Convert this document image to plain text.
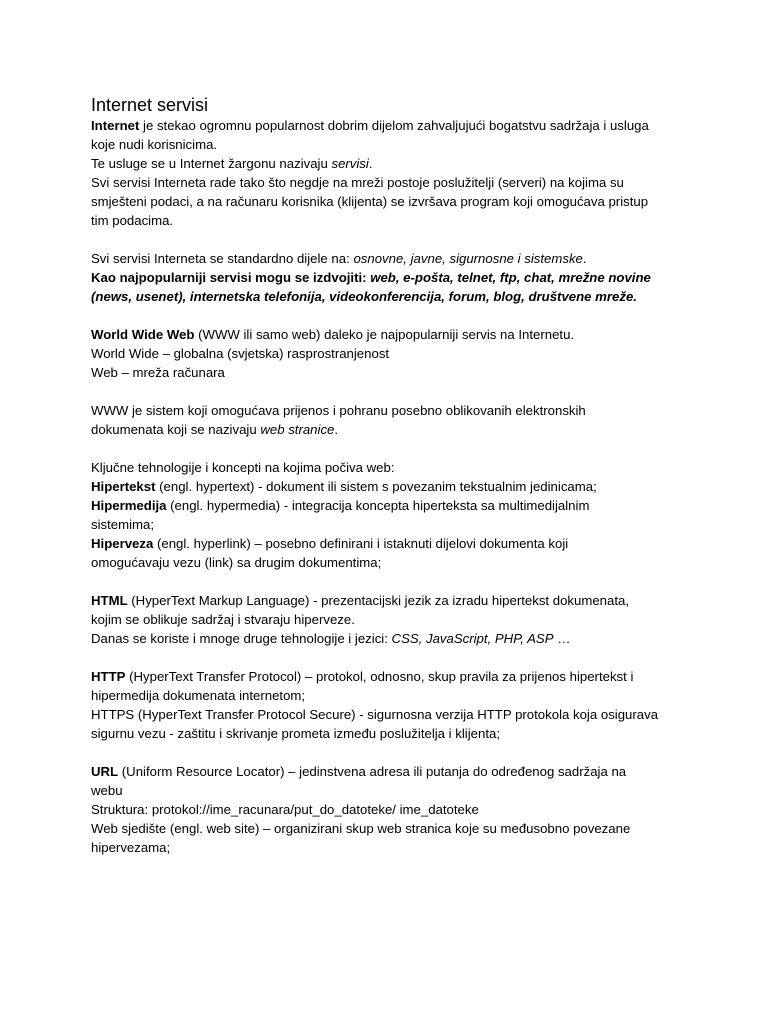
Internet servisi
Internet je stekao ogromnu popularnost dobrim dijelom zahvaljujući bogatstvu sadržaja i usluga
koje nudi korisnicima.
Te usluge se u Internet žargonu nazivaju servisi.
Svi servisi Interneta rade tako što negdje na mreži postoje poslužitelji (serveri) na kojima su
smješteni podaci, a na računaru korisnika (klijenta) se izvršava program koji omogućava pristup
tim podacima.
Svi servisi Interneta se standardno dijele na: osnovne, javne, sigurnosne i sistemske.
Kao najpopularniji servisi mogu se izdvojiti: web, e-pošta, telnet, ftp, chat, mrežne novine
(news, usenet), internetska telefonija, videokonferencija, forum, blog, društvene mreže.
World Wide Web (WWW ili samo web) daleko je najpopularniji servis na Internetu.
World Wide – globalna (svjetska) rasprostranjenost
Web – mreža računara
WWW je sistem koji omogućava prijenos i pohranu posebno oblikovanih elektronskih
dokumenata koji se nazivaju web stranice.
Ključne tehnologije i koncepti na kojima počiva web:
Hipertekst (engl. hypertext) - dokument ili sistem s povezanim tekstualnim jedinicama;
Hipermedija (engl. hypermedia) - integracija koncepta hiperteksta sa multimedijalnim
sistemima;
Hiperveza (engl. hyperlink) – posebno definirani i istaknuti dijelovi dokumenta koji
omogućavaju vezu (link) sa drugim dokumentima;
HTML (HyperText Markup Language) - prezentacijski jezik za izradu hipertekst dokumenata,
kojim se oblikuje sadržaj i stvaraju hiperveze.
Danas se koriste i mnoge druge tehnologije i jezici: CSS, JavaScript, PHP, ASP …
HTTP (HyperText Transfer Protocol) – protokol, odnosno, skup pravila za prijenos hipertekst i
hipermedija dokumenata internetom;
HTTPS (HyperText Transfer Protocol Secure) - sigurnosna verzija HTTP protokola koja osigurava
sigurnu vezu - zaštitu i skrivanje prometa između poslužitelja i klijenta;
URL (Uniform Resource Locator) – jedinstvena adresa ili putanja do određenog sadržaja na
webu
Struktura: protokol://ime_racunara/put_do_datoteke/ ime_datoteke
Web sjedište (engl. web site) – organizirani skup web stranica koje su međusobno povezane
hipervezama;
